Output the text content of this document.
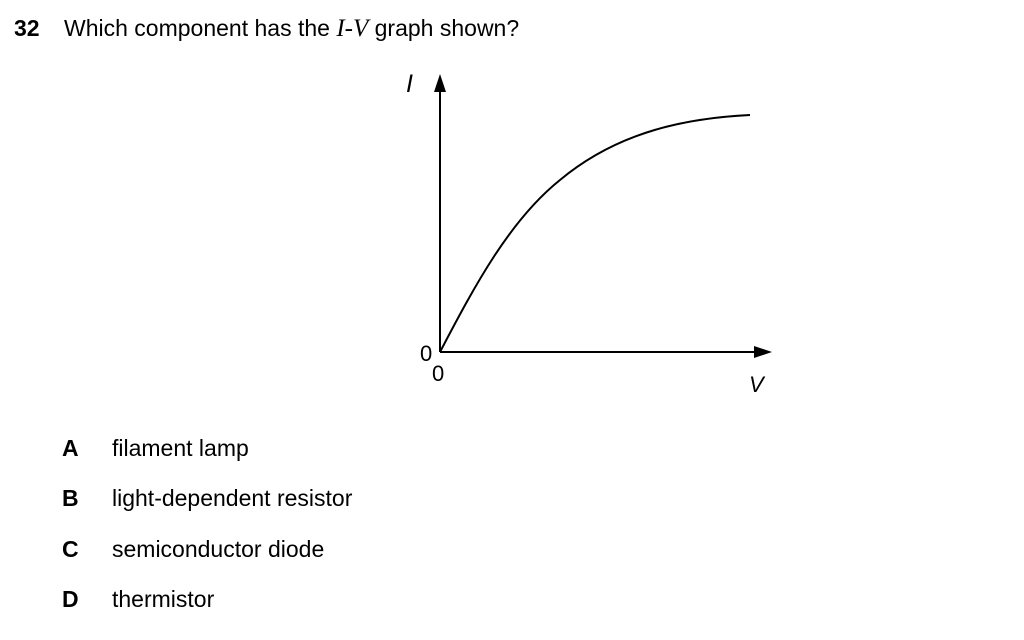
32 Which component has the I-V graph shown?
I
V
0
0
A	filament lamp
B	light-dependent resistor
C	semiconductor diode
D	thermistor
